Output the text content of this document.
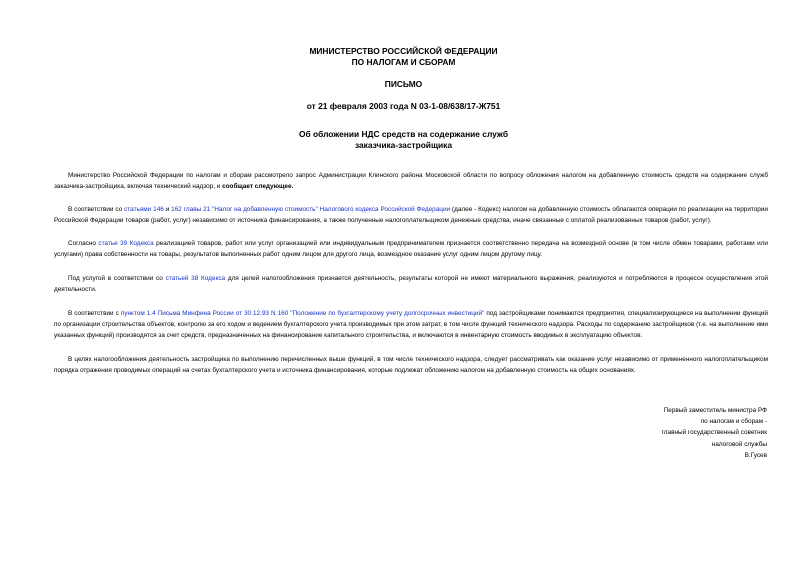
МИНИСТЕРСТВО РОССИЙСКОЙ ФЕДЕРАЦИИ
ПО НАЛОГАМ И СБОРАМ
ПИСЬМО
от 21 февраля 2003 года N 03-1-08/638/17-Ж751
Об обложении НДС средств на содержание служб
заказчика-застройщика

Министерство Российской Федерации по налогам и сборам рассмотрело запрос Администрации Клинского района Московской области по вопросу обложения налогом на добавленную стоимость средств на содержание служб заказчика-застройщика, включая технический надзор, и сообщает следующее.

В соответствии со статьями 146 и 162 главы 21 "Налог на добавленную стоимость" Налогового кодекса Российской Федерации (далее - Кодекс) налогом на добавленную стоимость облагаются операции по реализации на территории Российской Федерации товаров (работ, услуг) независимо от источника финансирования, а также полученные налогоплательщиком денежные средства, иначе связанные с оплатой реализованных товаров (работ, услуг).

Согласно статье 39 Кодекса реализацией товаров, работ или услуг организацией или индивидуальным предпринимателем признается соответственно передача на возмездной основе (в том числе обмен товарами, работами или услугами) права собственности на товары, результатов выполненных работ одним лицом для другого лица, возмездное оказание услуг одним лицом другому лицу.

Под услугой в соответствии со статьей 38 Кодекса для целей налогообложения признается деятельность, результаты которой не имеют материального выражения, реализуются и потребляются в процессе осуществления этой деятельности.

В соответствии с пунктом 1.4 Письма Минфина России от 30.12.93 N 160 "Положение по бухгалтерскому учету долгосрочных инвестиций" под застройщиками понимаются предприятия, специализирующиеся на выполнении функций по организации строительства объектов, контролю за его ходом и ведением бухгалтерского учета производимых при этом затрат, в том числе функций технического надзора. Расходы по содержанию застройщиков (т.е. на выполнение ими указанных функций) производятся за счет средств, предназначенных на финансирование капитального строительства, и включаются в инвентарную стоимость вводимых в эксплуатацию объектов.

В целях налогообложения деятельность застройщика по выполнению перечисленных выше функций, в том числе технического надзора, следует рассматривать как оказание услуг независимо от примененного налогоплательщиком порядка отражения проводимых операций на счетах бухгалтерского учета и источника финансирования, которые подлежат обложению налогом на добавленную стоимость на общих основаниях.

Первый заместитель министра РФ
по налогам и сборам -
главный государственный советник
налоговой службы
В.Гусев
